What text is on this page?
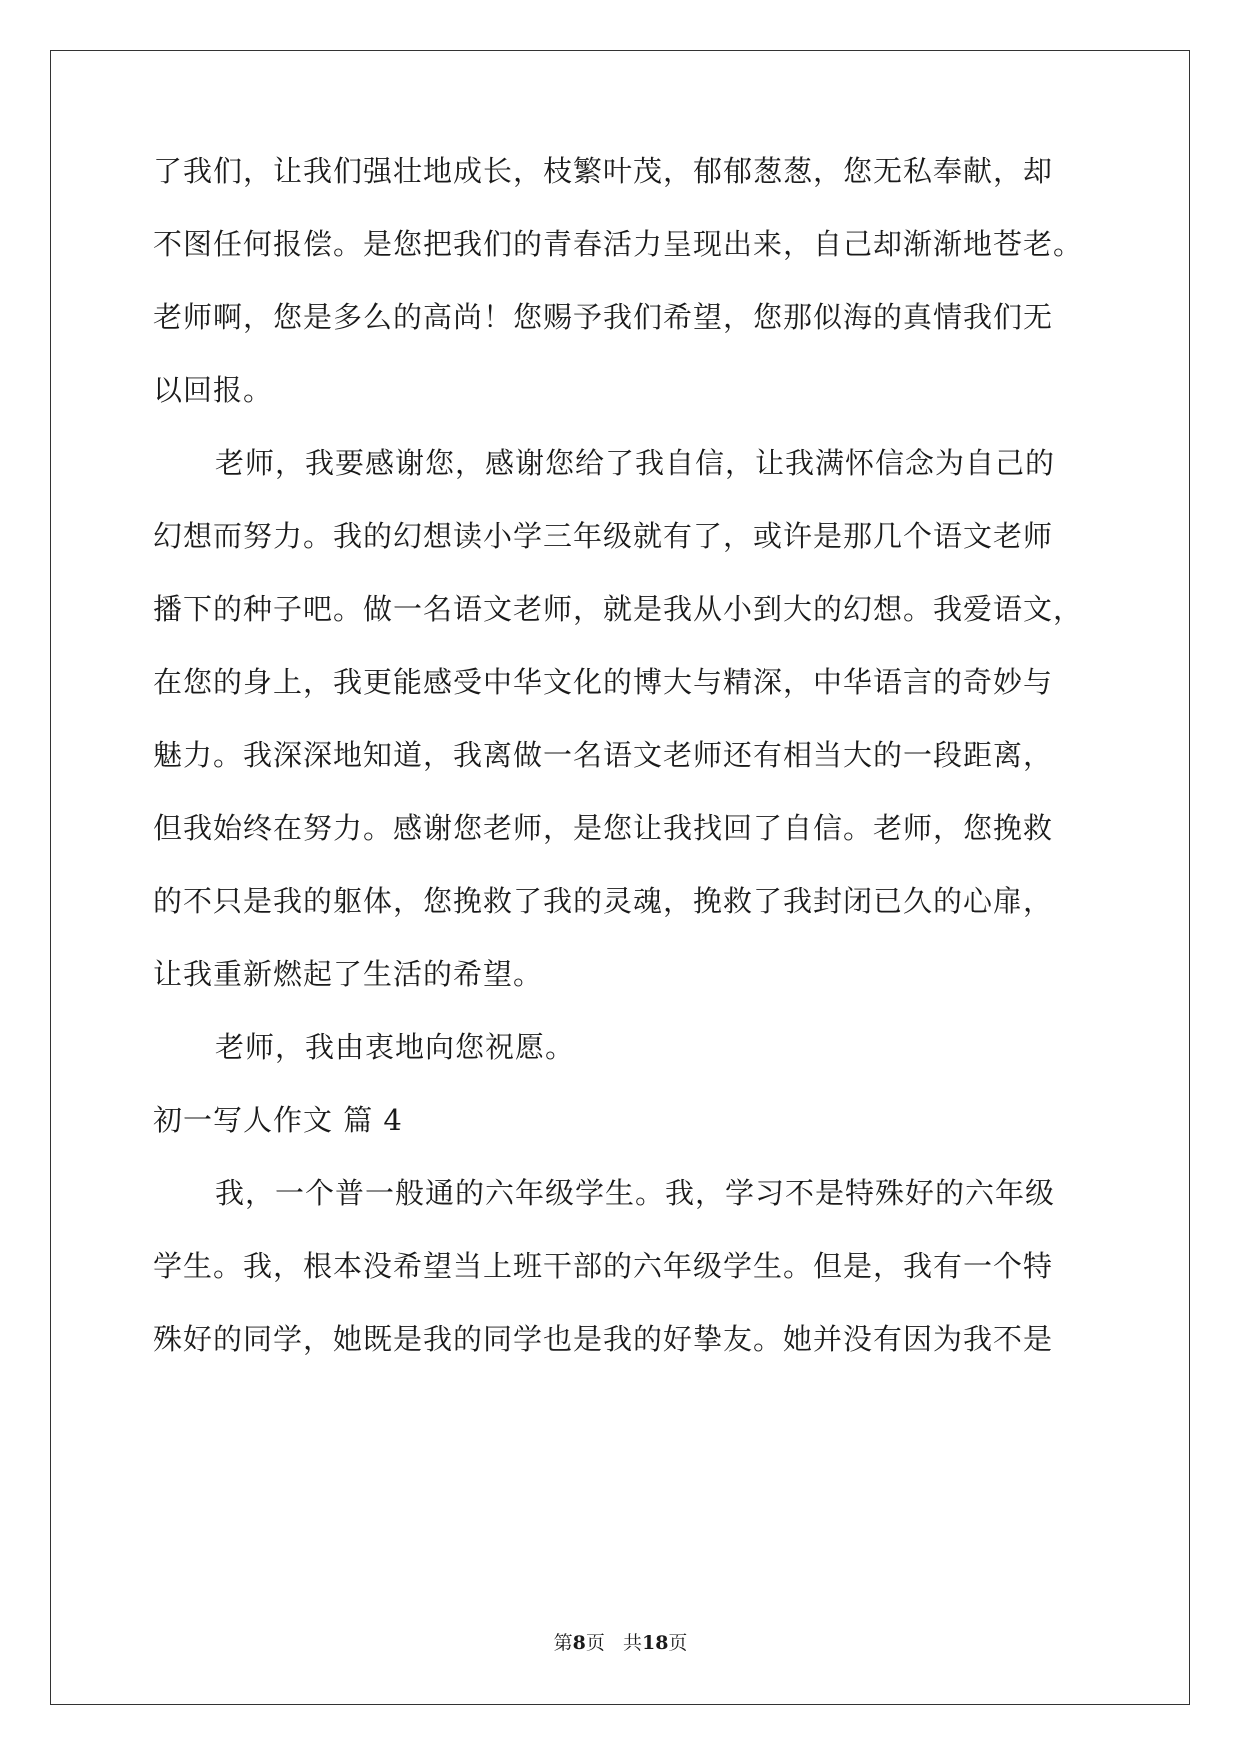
了我们，让我们强壮地成长，枝繁叶茂，郁郁葱葱，您无私奉献，却
不图任何报偿。是您把我们的青春活力呈现出来，自己却渐渐地苍老。
老师啊，您是多么的高尚！您赐予我们希望，您那似海的真情我们无
以回报。
老师，我要感谢您，感谢您给了我自信，让我满怀信念为自己的
幻想而努力。我的幻想读小学三年级就有了，或许是那几个语文老师
播下的种子吧。做一名语文老师，就是我从小到大的幻想。我爱语文，
在您的身上，我更能感受中华文化的博大与精深，中华语言的奇妙与
魅力。我深深地知道，我离做一名语文老师还有相当大的一段距离，
但我始终在努力。感谢您老师，是您让我找回了自信。老师，您挽救
的不只是我的躯体，您挽救了我的灵魂，挽救了我封闭已久的心扉，
让我重新燃起了生活的希望。
老师，我由衷地向您祝愿。
初一写人作文 篇 4
我，一个普一般通的六年级学生。我，学习不是特殊好的六年级
学生。我，根本没希望当上班干部的六年级学生。但是，我有一个特
殊好的同学，她既是我的同学也是我的好挚友。她并没有因为我不是
第8页 共18页
